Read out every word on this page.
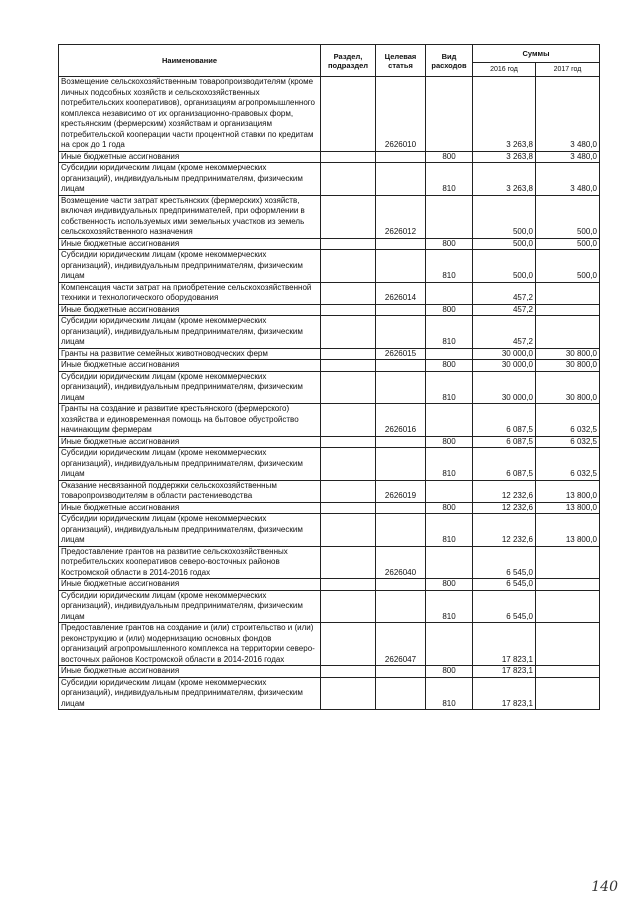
Наименование	Раздел, подраздел	Целевая статья	Вид расходов	Суммы	
				2016 год	2017 год
Возмещение сельскохозяйственным товаропроизводителям (кроме личных подсобных хозяйств и сельскохозяйственных потребительских кооперативов), организациям агропромышленного комплекса независимо от их организационно-правовых форм, крестьянским (фермерским) хозяйствам и организациям потребительской кооперации части процентной ставки по кредитам на срок до 1 года		2626010		3 263,8	3 480,0
Иные бюджетные ассигнования			800	3 263,8	3 480,0
Субсидии юридическим лицам (кроме некоммерческих организаций), индивидуальным предпринимателям, физическим лицам			810	3 263,8	3 480,0
Возмещение части затрат крестьянских (фермерских) хозяйств, включая индивидуальных предпринимателей, при оформлении в собственность используемых ими земельных участков из земель сельскохозяйственного назначения		2626012		500,0	500,0
Иные бюджетные ассигнования			800	500,0	500,0
Субсидии юридическим лицам (кроме некоммерческих организаций), индивидуальным предпринимателям, физическим лицам			810	500,0	500,0
Компенсация части затрат на приобретение сельскохозяйственной техники и технологического оборудования		2626014		457,2	
Иные бюджетные ассигнования			800	457,2	
Субсидии юридическим лицам (кроме некоммерческих организаций), индивидуальным предпринимателям, физическим лицам			810	457,2	
Гранты на развитие семейных животноводческих ферм		2626015		30 000,0	30 800,0
Иные бюджетные ассигнования			800	30 000,0	30 800,0
Субсидии юридическим лицам (кроме некоммерческих организаций), индивидуальным предпринимателям, физическим лицам			810	30 000,0	30 800,0
Гранты на создание и развитие крестьянского (фермерского) хозяйства и единовременная помощь на бытовое обустройство начинающим фермерам		2626016		6 087,5	6 032,5
Иные бюджетные ассигнования			800	6 087,5	6 032,5
Субсидии юридическим лицам (кроме некоммерческих организаций), индивидуальным предпринимателям, физическим лицам			810	6 087,5	6 032,5
Оказание несвязанной поддержки сельскохозяйственным товаропроизводителям в области растениеводства		2626019		12 232,6	13 800,0
Иные бюджетные ассигнования			800	12 232,6	13 800,0
Субсидии юридическим лицам (кроме некоммерческих организаций), индивидуальным предпринимателям, физическим лицам			810	12 232,6	13 800,0
Предоставление грантов на развитие сельскохозяйственных потребительских кооперативов северо-восточных районов Костромской области в 2014-2016 годах		2626040		6 545,0	
Иные бюджетные ассигнования			800	6 545,0	
Субсидии юридическим лицам (кроме некоммерческих организаций), индивидуальным предпринимателям, физическим лицам			810	6 545,0	
Предоставление грантов на создание и (или) строительство и (или) реконструкцию и (или) модернизацию основных фондов организаций агропромышленного комплекса на территории северо-восточных районов Костромской области в 2014-2016 годах		2626047		17 823,1	
Иные бюджетные ассигнования			800	17 823,1	
Субсидии юридическим лицам (кроме некоммерческих организаций), индивидуальным предпринимателям, физическим лицам			810	17 823,1	
140
